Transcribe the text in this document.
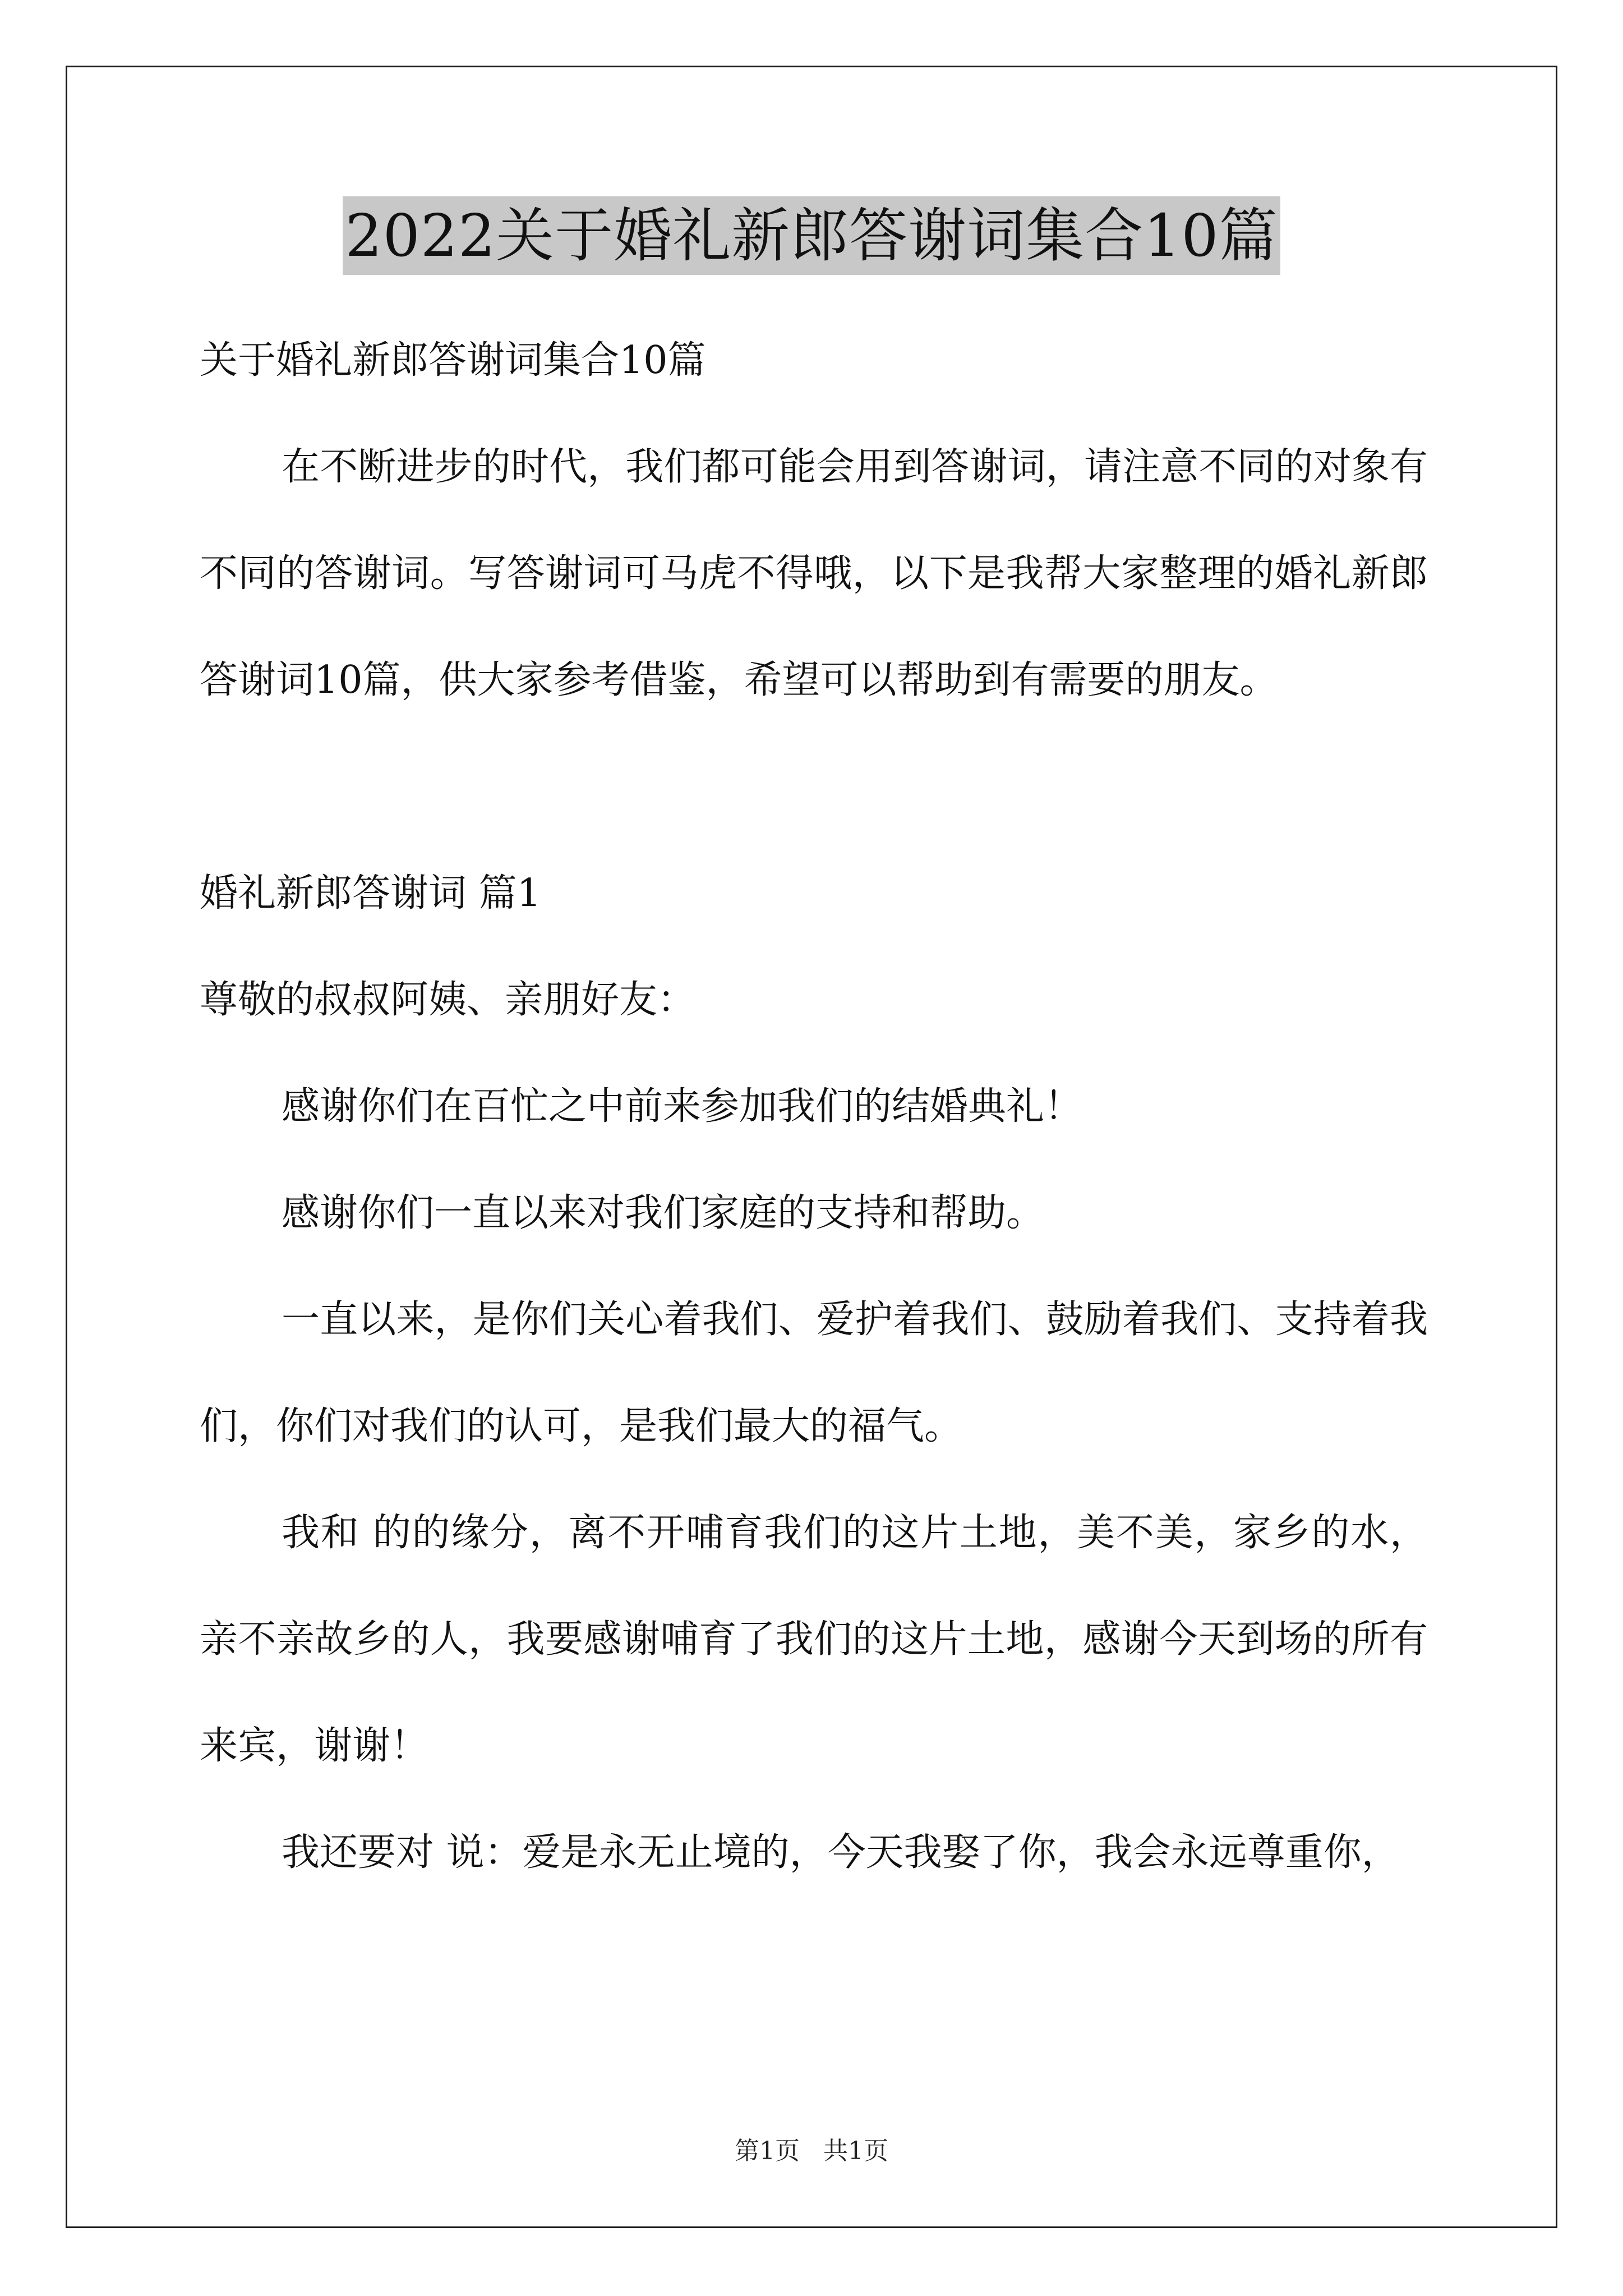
2022关于婚礼新郎答谢词集合10篇
关于婚礼新郎答谢词集合10篇
在不断进步的时代，我们都可能会用到答谢词，请注意不同的对象有不同的答谢词。写答谢词可马虎不得哦，以下是我帮大家整理的婚礼新郎答谢词10篇，供大家参考借鉴，希望可以帮助到有需要的朋友。
婚礼新郎答谢词 篇1
尊敬的叔叔阿姨、亲朋好友：
感谢你们在百忙之中前来参加我们的结婚典礼！
感谢你们一直以来对我们家庭的支持和帮助。
一直以来，是你们关心着我们、爱护着我们、鼓励着我们、支持着我们，你们对我们的认可，是我们最大的福气。
我和 的的缘分，离不开哺育我们的这片土地，美不美，家乡的水，亲不亲故乡的人，我要感谢哺育了我们的这片土地，感谢今天到场的所有来宾，谢谢！
我还要对 说：爱是永无止境的，今天我娶了你，我会永远尊重你，
第1页 共1页
